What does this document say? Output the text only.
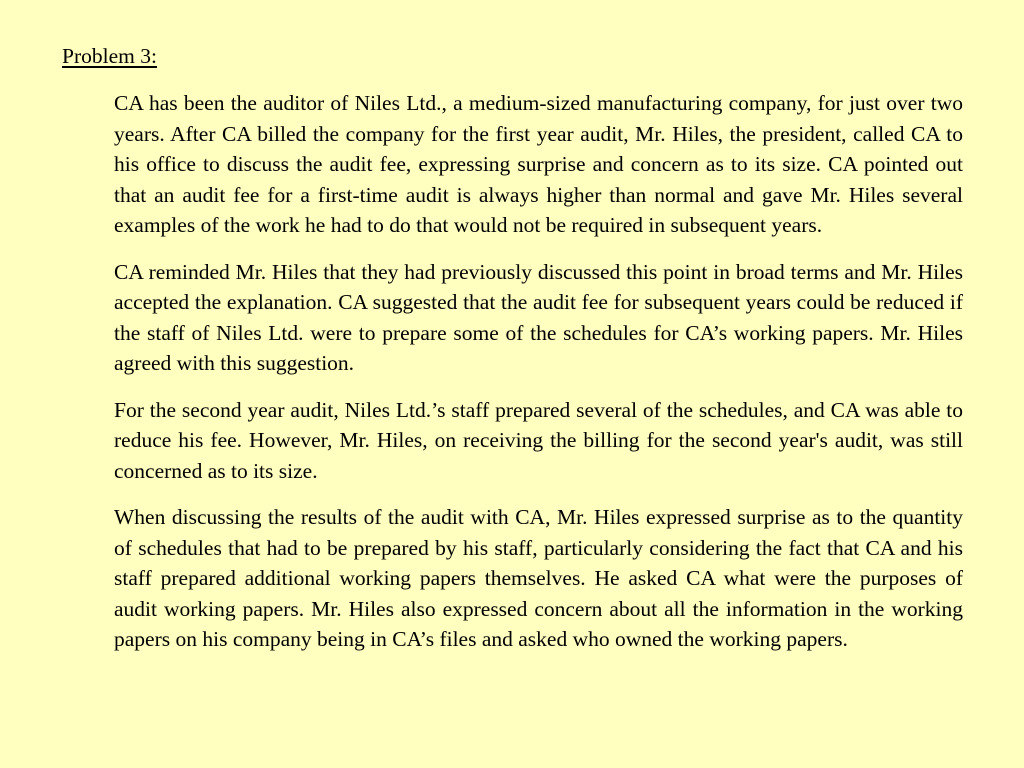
Problem 3:

CA has been the auditor of Niles Ltd., a medium-sized manufacturing company, for just over two years. After CA billed the company for the first year audit, Mr. Hiles, the president, called CA to his office to discuss the audit fee, expressing surprise and concern as to its size. CA pointed out that an audit fee for a first-time audit is always higher than normal and gave Mr. Hiles several examples of the work he had to do that would not be required in subsequent years.

CA reminded Mr. Hiles that they had previously discussed this point in broad terms and Mr. Hiles accepted the explanation. CA suggested that the audit fee for subsequent years could be reduced if the staff of Niles Ltd. were to prepare some of the schedules for CA’s working papers. Mr. Hiles agreed with this suggestion.

For the second year audit, Niles Ltd.’s staff prepared several of the schedules, and CA was able to reduce his fee. However, Mr. Hiles, on receiving the billing for the second year's audit, was still concerned as to its size.

When discussing the results of the audit with CA, Mr. Hiles expressed surprise as to the quantity of schedules that had to be prepared by his staff, particularly considering the fact that CA and his staff prepared additional working papers themselves. He asked CA what were the purposes of audit working papers. Mr. Hiles also expressed concern about all the information in the working papers on his company being in CA’s files and asked who owned the working papers.
